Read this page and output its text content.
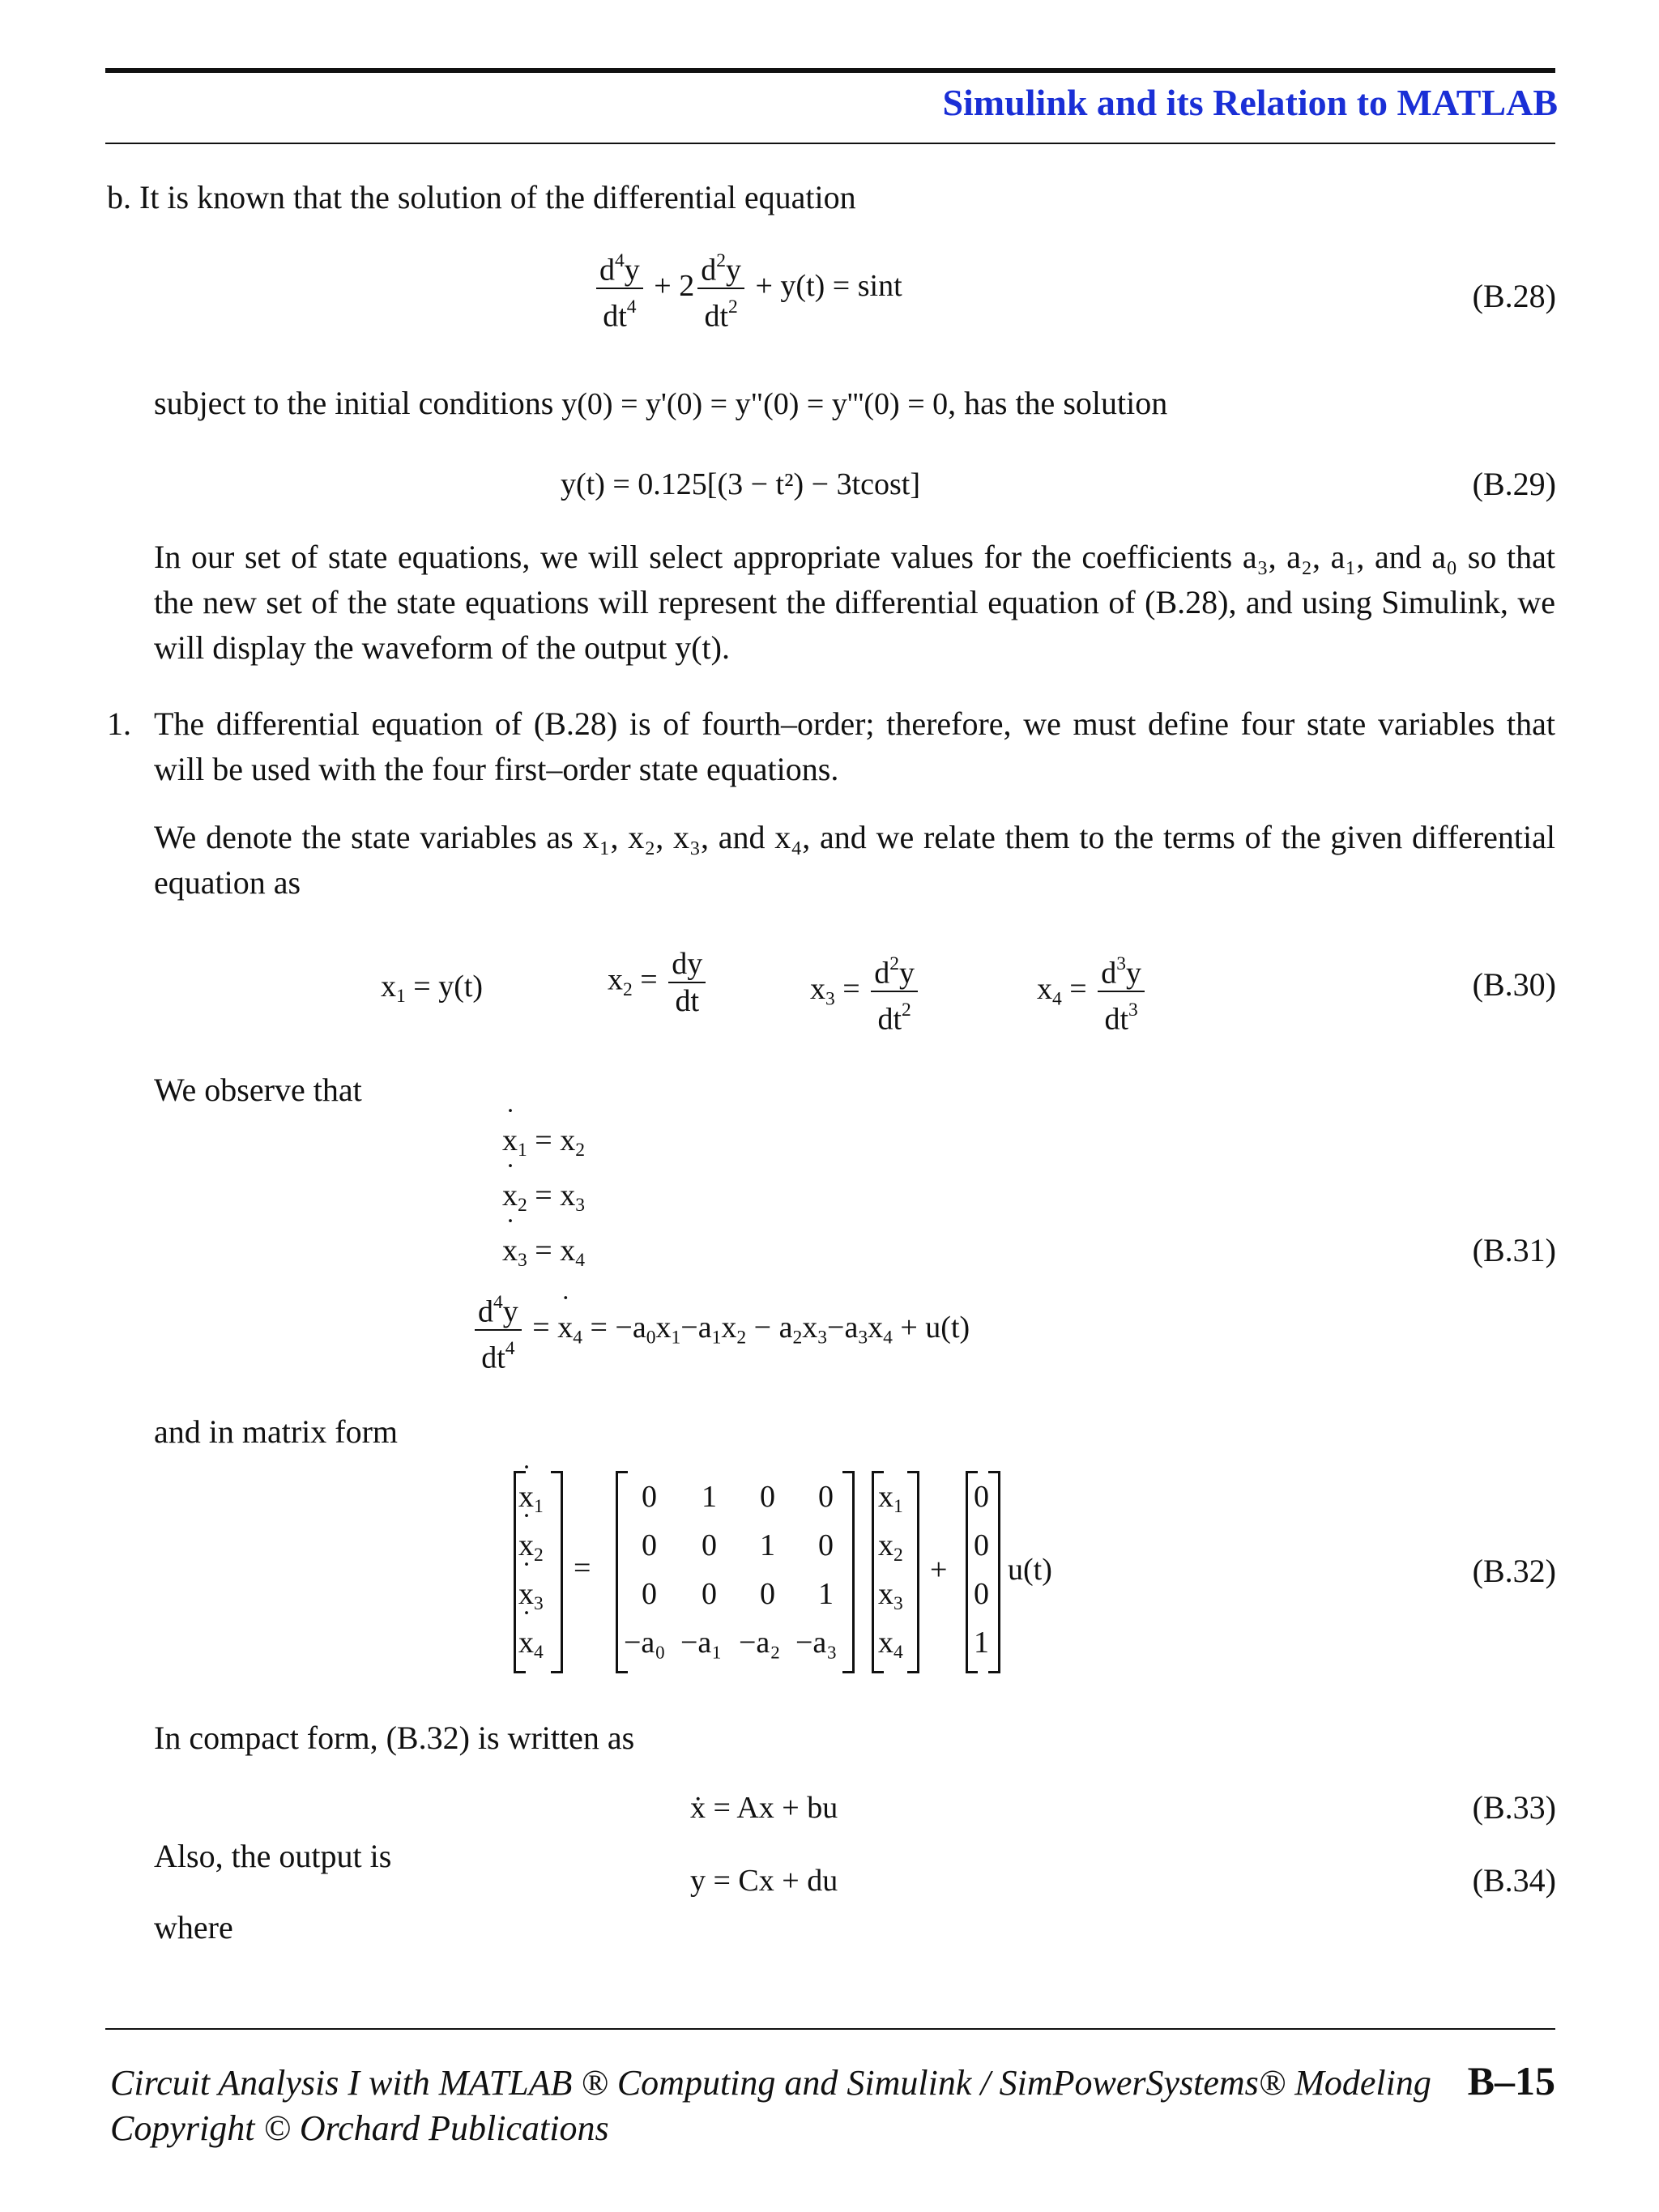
Simulink and its Relation to MATLAB
b. It is known that the solution of the differential equation
$\frac{d^4y}{dt^4} + 2 \frac{d^2y}{dt^2} + y(t) = \sin t$	(B.28)
subject to the initial conditions y(0) = y'(0) = y"(0) = y'''(0) = 0, has the solution
y(t) = 0.125[(3 − t²) − 3tcost]	(B.29)
In our set of state equations, we will select appropriate values for the coefficients a₃, a₂, a₁, and a₀ so that the new set of the state equations will represent the differential equation of (B.28), and using Simulink, we will display the waveform of the output y(t).
1. The differential equation of (B.28) is of fourth–order; therefore, we must define four state variables that will be used with the four first–order state equations.
We denote the state variables as x₁, x₂, x₃, and x₄, and we relate them to the terms of the given differential equation as
$x_1 = y(t)$	$x_2 = \frac{dy}{dt}$	$x_3 = \frac{d^2y}{dt^2}$	$x_4 = \frac{d^3y}{dt^3}$	(B.30)
We observe that
˙ $x_1 = x_2$
˙ $x_2 = x_3$
˙ $x_3 = x_4$	(B.31)
$\frac{d^4y}{dt^4}$ = ˙ $x_4 = -a_0x_1-a_1x_2 - a_2x_3-a_3x_4 + u(t)$
and in matrix form
˙ $x_1$
˙ $x_2$
˙ $x_3$
˙ $x_4$
=
0 1 0 0
0 0 1 0
0 0 0 1
−a₀ −a₁ −a₂ −a₃
$x_1$
$x_2$
$x_3$
$x_4$
+
0
0
0
1
u(t)	(B.32)
In compact form, (B.32) is written as
ẋ = Ax + bu	(B.33)
Also, the output is
y = Cx + du	(B.34)
where
Circuit Analysis I with MATLAB ® Computing and Simulink / SimPowerSystems® Modeling B–15
Copyright © Orchard Publications
